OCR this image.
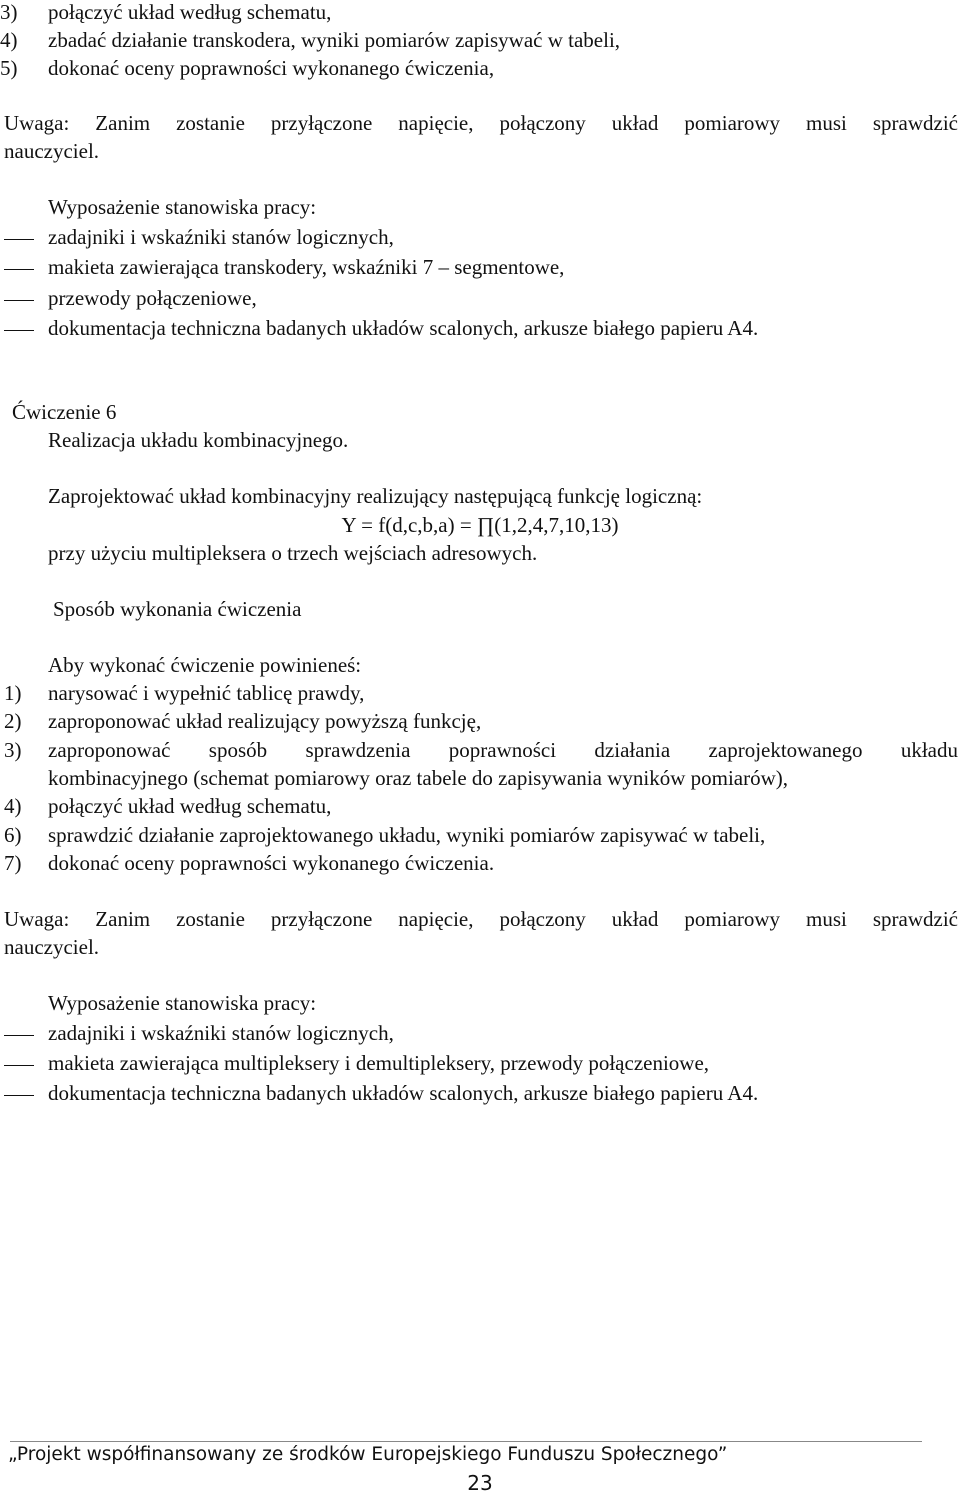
3) połączyć układ według schematu,
4) zbadać działanie transkodera, wyniki pomiarów zapisywać w tabeli,
5) dokonać oceny poprawności wykonanego ćwiczenia,
Uwaga: Zanim zostanie przyłączone napięcie, połączony układ pomiarowy musi sprawdzić
nauczyciel.
Wyposażenie stanowiska pracy:
zadajniki i wskaźniki stanów logicznych,
makieta zawierająca transkodery, wskaźniki 7 – segmentowe,
przewody połączeniowe,
dokumentacja techniczna badanych układów scalonych, arkusze białego papieru A4.
Ćwiczenie 6
Realizacja układu kombinacyjnego.
Zaprojektować układ kombinacyjny realizujący następującą funkcję logiczną:
Y = f(d,c,b,a) = ∏(1,2,4,7,10,13)
przy użyciu multipleksera o trzech wejściach adresowych.
Sposób wykonania ćwiczenia
Aby wykonać ćwiczenie powinieneś:
1) narysować i wypełnić tablicę prawdy,
2) zaproponować układ realizujący powyższą funkcję,
3) zaproponować sposób sprawdzenia poprawności działania zaprojektowanego układu
kombinacyjnego (schemat pomiarowy oraz tabele do zapisywania wyników pomiarów),
4) połączyć układ według schematu,
6) sprawdzić działanie zaprojektowanego układu, wyniki pomiarów zapisywać w tabeli,
7) dokonać oceny poprawności wykonanego ćwiczenia.
Uwaga: Zanim zostanie przyłączone napięcie, połączony układ pomiarowy musi sprawdzić
nauczyciel.
Wyposażenie stanowiska pracy:
zadajniki i wskaźniki stanów logicznych,
makieta zawierająca multipleksery i demultipleksery, przewody połączeniowe,
dokumentacja techniczna badanych układów scalonych, arkusze białego papieru A4.
„Projekt współfinansowany ze środków Europejskiego Funduszu Społecznego”
23
